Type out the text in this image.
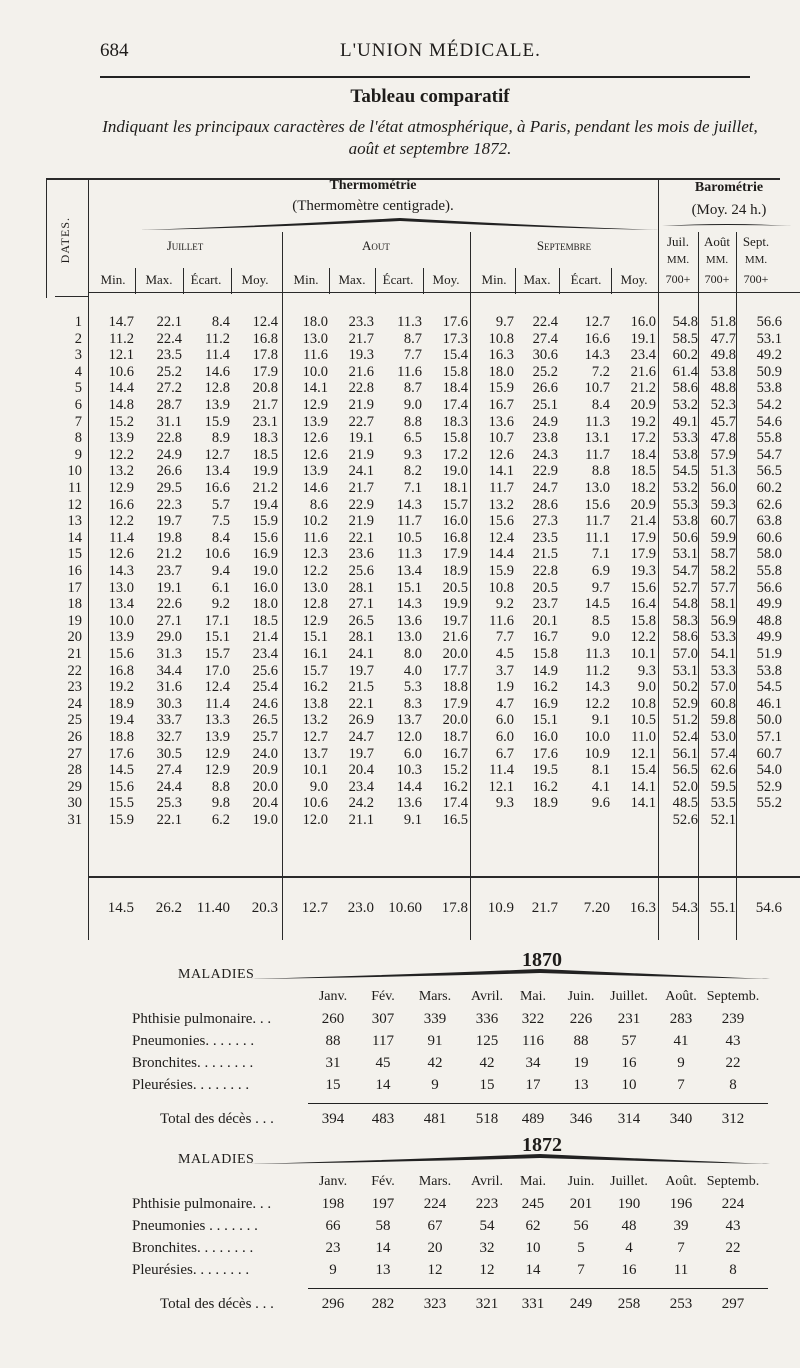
684	L'UNION MÉDICALE.
Tableau comparatif
Indiquant les principaux caractères de l'état atmosphérique, à Paris, pendant les mois de juillet, août et septembre 1872.
Thermométrie
(Thermomètre centigrade).
Barométrie
(Moy. 24 h.)
DATES.	Juillet	Aout	Septembre	Juil.	Août Sept.
MM.	MM.	MM.
700+	700+	700+
Min.	Max.	Écart.	Moy.	Min.	Max.	Écart.	Moy.	Min.	Max.	Écart.	Moy.
1	14.7	22.1	8.4	12.4	18.0	23.3	11.3	17.6	9.7	22.4	12.7	16.0	54.8 51.8	56.6
2	11.2	22.4	11.2	16.8	13.0	21.7	8.7	17.3	10.8	27.4	16.6	19.1	58.5 47.7	53.1
3	12.1	23.5	11.4	17.8	11.6	19.3	7.7	15.4	16.3	30.6	14.3	23.4	60.2 49.8	49.2
4	10.6	25.2	14.6	17.9	10.0	21.6	11.6	15.8	18.0	25.2	7.2	21.6	61.4 53.8	50.9
5	14.4	27.2	12.8	20.8	14.1	22.8	8.7	18.4	15.9	26.6	10.7	21.2	58.6 48.8	53.8
6	14.8	28.7	13.9	21.7	12.9	21.9	9.0	17.4	16.7	25.1	8.4	20.9	53.2 52.3	54.2
7	15.2	31.1	15.9	23.1	13.9	22.7	8.8	18.3	13.6	24.9	11.3	19.2	49.1 45.7	54.6
8	13.9	22.8	8.9	18.3	12.6	19.1	6.5	15.8	10.7	23.8	13.1	17.2	53.3 47.8	55.8
9	12.2	24.9	12.7	18.5	12.6	21.9	9.3	17.2	12.6	24.3	11.7	18.4	53.8 57.9	54.7
10	13.2	26.6	13.4	19.9	13.9	24.1	8.2	19.0	14.1	22.9	8.8	18.5	54.5 51.3	56.5
11	12.9	29.5	16.6	21.2	14.6	21.7	7.1	18.1	11.7	24.7	13.0	18.2	53.2 56.0	60.2
12	16.6	22.3	5.7	19.4	8.6	22.9	14.3	15.7	13.2	28.6	15.6	20.9	55.3 59.3	62.6
13	12.2	19.7	7.5	15.9	10.2	21.9	11.7	16.0	15.6	27.3	11.7	21.4	53.8 60.7	63.8
14	11.4	19.8	8.4	15.6	11.6	22.1	10.5	16.8	12.4	23.5	11.1	17.9	50.6 59.9	60.6
15	12.6	21.2	10.6	16.9	12.3	23.6	11.3	17.9	14.4	21.5	7.1	17.9	53.1 58.7	58.0
16	14.3	23.7	9.4	19.0	12.2	25.6	13.4	18.9	15.9	22.8	6.9	19.3	54.7 58.2	55.8
17	13.0	19.1	6.1	16.0	13.0	28.1	15.1	20.5	10.8	20.5	9.7	15.6	52.7 57.7	56.6
18	13.4	22.6	9.2	18.0	12.8	27.1	14.3	19.9	9.2	23.7	14.5	16.4	54.8 58.1	49.9
19	10.0	27.1	17.1	18.5	12.9	26.5	13.6	19.7	11.6	20.1	8.5	15.8	58.3 56.9	48.8
20	13.9	29.0	15.1	21.4	15.1	28.1	13.0	21.6	7.7	16.7	9.0	12.2	58.6 53.3	49.9
21	15.6	31.3	15.7	23.4	16.1	24.1	8.0	20.0	4.5	15.8	11.3	10.1	57.0 54.1	51.9
22	16.8	34.4	17.0	25.6	15.7	19.7	4.0	17.7	3.7	14.9	11.2	9.3	53.1 53.3	53.8
23	19.2	31.6	12.4	25.4	16.2	21.5	5.3	18.8	1.9	16.2	14.3	9.0	50.2 57.0	54.5
24	18.9	30.3	11.4	24.6	13.8	22.1	8.3	17.9	4.7	16.9	12.2	10.8	52.9 60.8	46.1
25	19.4	33.7	13.3	26.5	13.2	26.9	13.7	20.0	6.0	15.1	9.1	10.5	51.2 59.8	50.0
26	18.8	32.7	13.9	25.7	12.7	24.7	12.0	18.7	6.0	16.0	10.0	11.0	52.4 53.0	57.1
27	17.6	30.5	12.9	24.0	13.7	19.7	6.0	16.7	6.7	17.6	10.9	12.1	56.1 57.4	60.7
28	14.5	27.4	12.9	20.9	10.1	20.4	10.3	15.2	11.4	19.5	8.1	15.4	56.5 62.6	54.0
29	15.6	24.4	8.8	20.0	9.0	23.4	14.4	16.2	12.1	16.2	4.1	14.1	52.0 59.5	52.9
30	15.5	25.3	9.8	20.4	10.6	24.2	13.6	17.4	9.3	18.9	9.6	14.1	48.5 53.5	55.2
31	15.9	22.1	6.2	19.0	12.0	21.1	9.1	16.5	52.6 52.1
14.5	26.2 11.40	20.3	12.7	23.0 10.60	17.8	10.9	21.7	7.20	16.3	54.3 55.1	54.6
MALADIES
1870
Janv.	Fév.	Mars.	Avril.	Mai.	Juin.	Juillet.	Août. Septemb.
Phthisie pulmonaire. . .	260	307	339	336	322	226	231	283	239
Pneumonies. . . . . . .	88	117	91	125	116	88	57	41	43
Bronchites. . . . . . . .	31	45	42	42	34	19	16	9	22
Pleurésies. . . . . . . .	15	14	9	15	17	13	10	7	8
Total des décès . . .	394	483	481	518	489	346	314	340	312
MALADIES
1872
Janv.	Fév.	Mars.	Avril.	Mai.	Juin.	Juillet.	Août. Septemb.
Phthisie pulmonaire. . .	198	197	224	223	245	201	190	196	224
Pneumonies . . . . . . .	66	58	67	54	62	56	48	39	43
Bronchites. . . . . . . .	23	14	20	32	10	5	4	7	22
Pleurésies. . . . . . . .	9	13	12	12	14	7	16	11	8
Total des décès . . .	296	282	323	321	331	249	258	253	297
